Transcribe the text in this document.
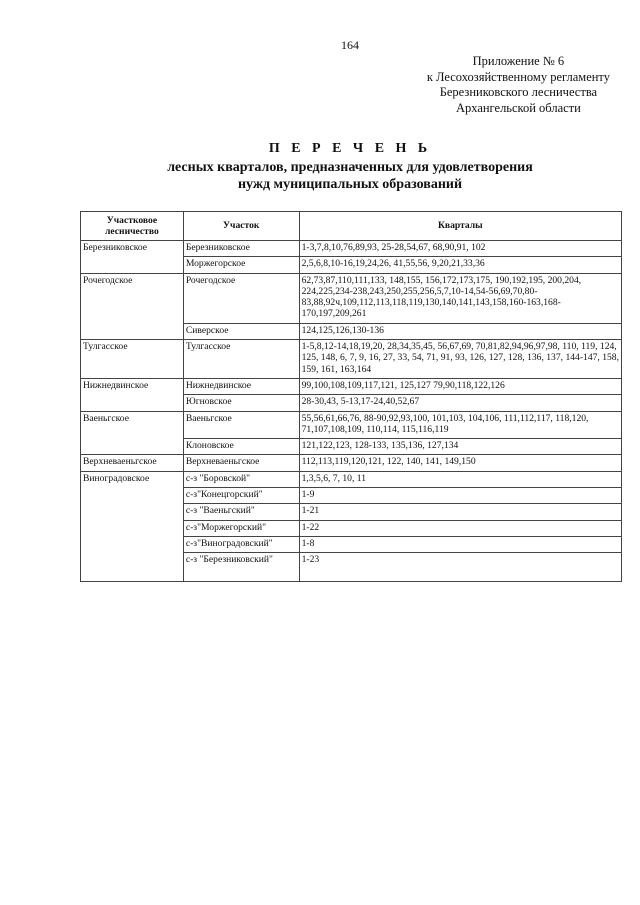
164
Приложение № 6
к Лесохозяйственному регламенту
Березниковского лесничества
Архангельской области
П Е Р Е Ч Е Н Ь
лесных кварталов, предназначенных для удовлетворения
нужд муниципальных образований
Участковое лесничество	Участок	Кварталы
Березниковское	Березниковское	1-3,7,8,10,76,89,93, 25-28,54,67, 68,90,91, 102
	Моржегорское	2,5,6,8,10-16,19,24,26, 41,55,56, 9,20,21,33,36
Рочегодское	Рочегодское	62,73,87,110,111,133, 148,155, 156,172,173,175, 190,192,195, 200,204, 224,225,234-238,243,250,255,256,5,7,10-14,54-56,69,70,80-83,88,92ч,109,112,113,118,119,130,140,141,143,158,160-163,168-170,197,209,261
	Сиверское	124,125,126,130-136
Тулгасское	Тулгасское	1-5,8,12-14,18,19,20, 28,34,35,45, 56,67,69, 70,81,82,94,96,97,98, 110, 119, 124, 125, 148, 6, 7, 9, 16, 27, 33, 54, 71, 91, 93, 126, 127, 128, 136, 137, 144-147, 158, 159, 161, 163,164
Нижнедвинское	Нижнедвинское	99,100,108,109,117,121, 125,127 79,90,118,122,126
	Югновское	28-30,43, 5-13,17-24,40,52,67
Ваеньгское	Ваеньгское	55,56,61,66,76, 88-90,92,93,100, 101,103, 104,106, 111,112,117, 118,120, 71,107,108,109, 110,114, 115,116,119
	Клоновское	121,122,123, 128-133, 135,136, 127,134
Верхневаеньгское	Верхневаеньгское	112,113,119,120,121, 122, 140, 141, 149,150
Виноградовское	с-з "Боровской"	1,3,5,6, 7, 10, 11
	с-з"Конецгорский"	1-9
	с-з "Ваеньгский"	1-21
	с-з"Моржегорский"	1-22
	с-з"Виноградовский"	1-8
	с-з "Березниковский"	1-23
